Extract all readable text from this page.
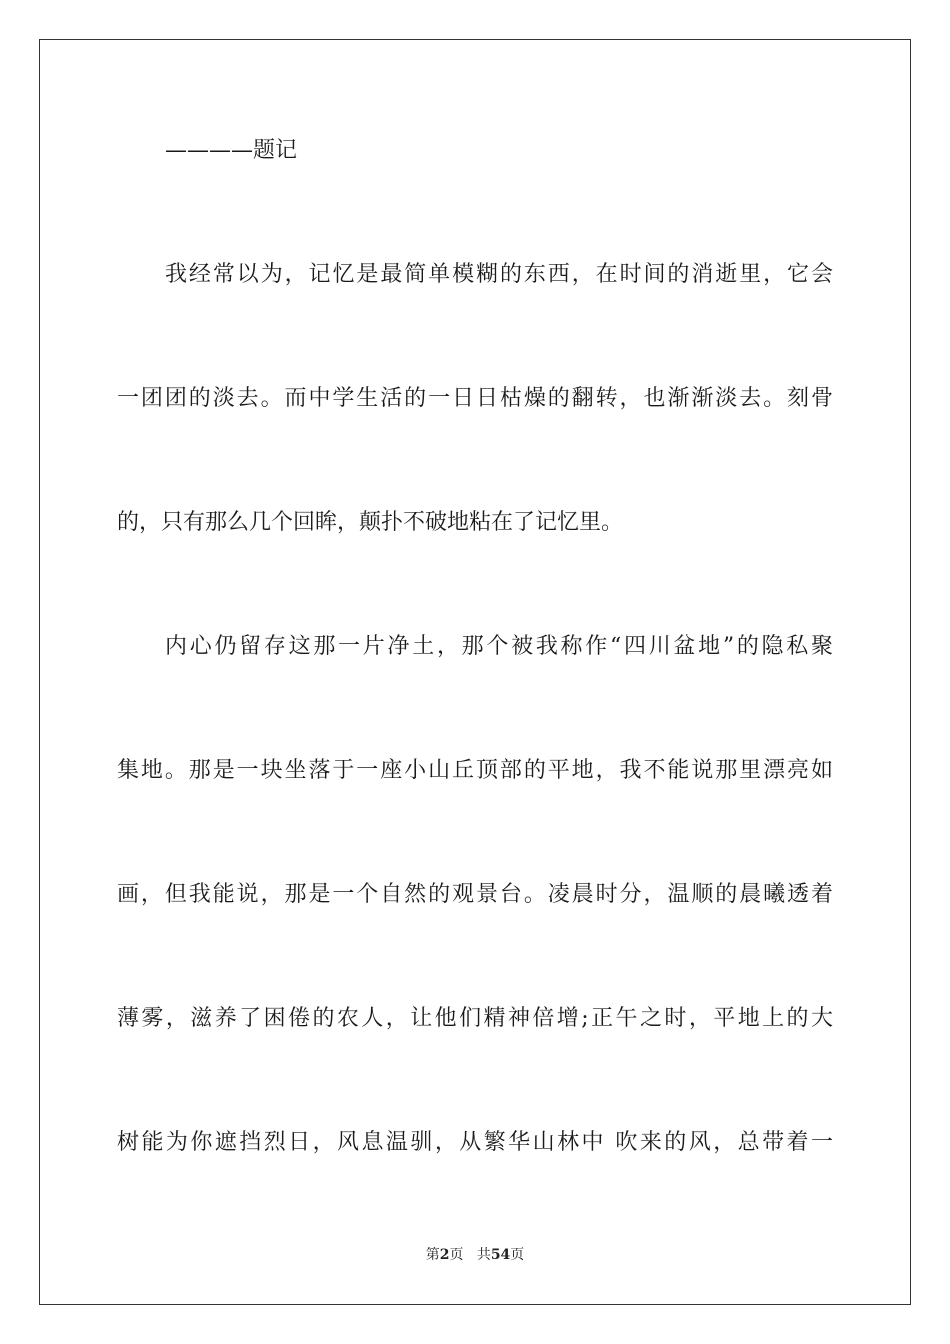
————题记
我经常以为，记忆是最简单模糊的东西，在时间的消逝里，它会
一团团的淡去。而中学生活的一日日枯燥的翻转，也渐渐淡去。刻骨
的，只有那么几个回眸，颠扑不破地粘在了记忆里。
内心仍留存这那一片净土，那个被我称作“四川盆地”的隐私聚
集地。那是一块坐落于一座小山丘顶部的平地，我不能说那里漂亮如
画，但我能说，那是一个自然的观景台。凌晨时分，温顺的晨曦透着
薄雾，滋养了困倦的农人，让他们精神倍增;正午之时，平地上的大
树能为你遮挡烈日，风息温驯，从繁华山林中 吹来的风，总带着一
第2页 共54页
